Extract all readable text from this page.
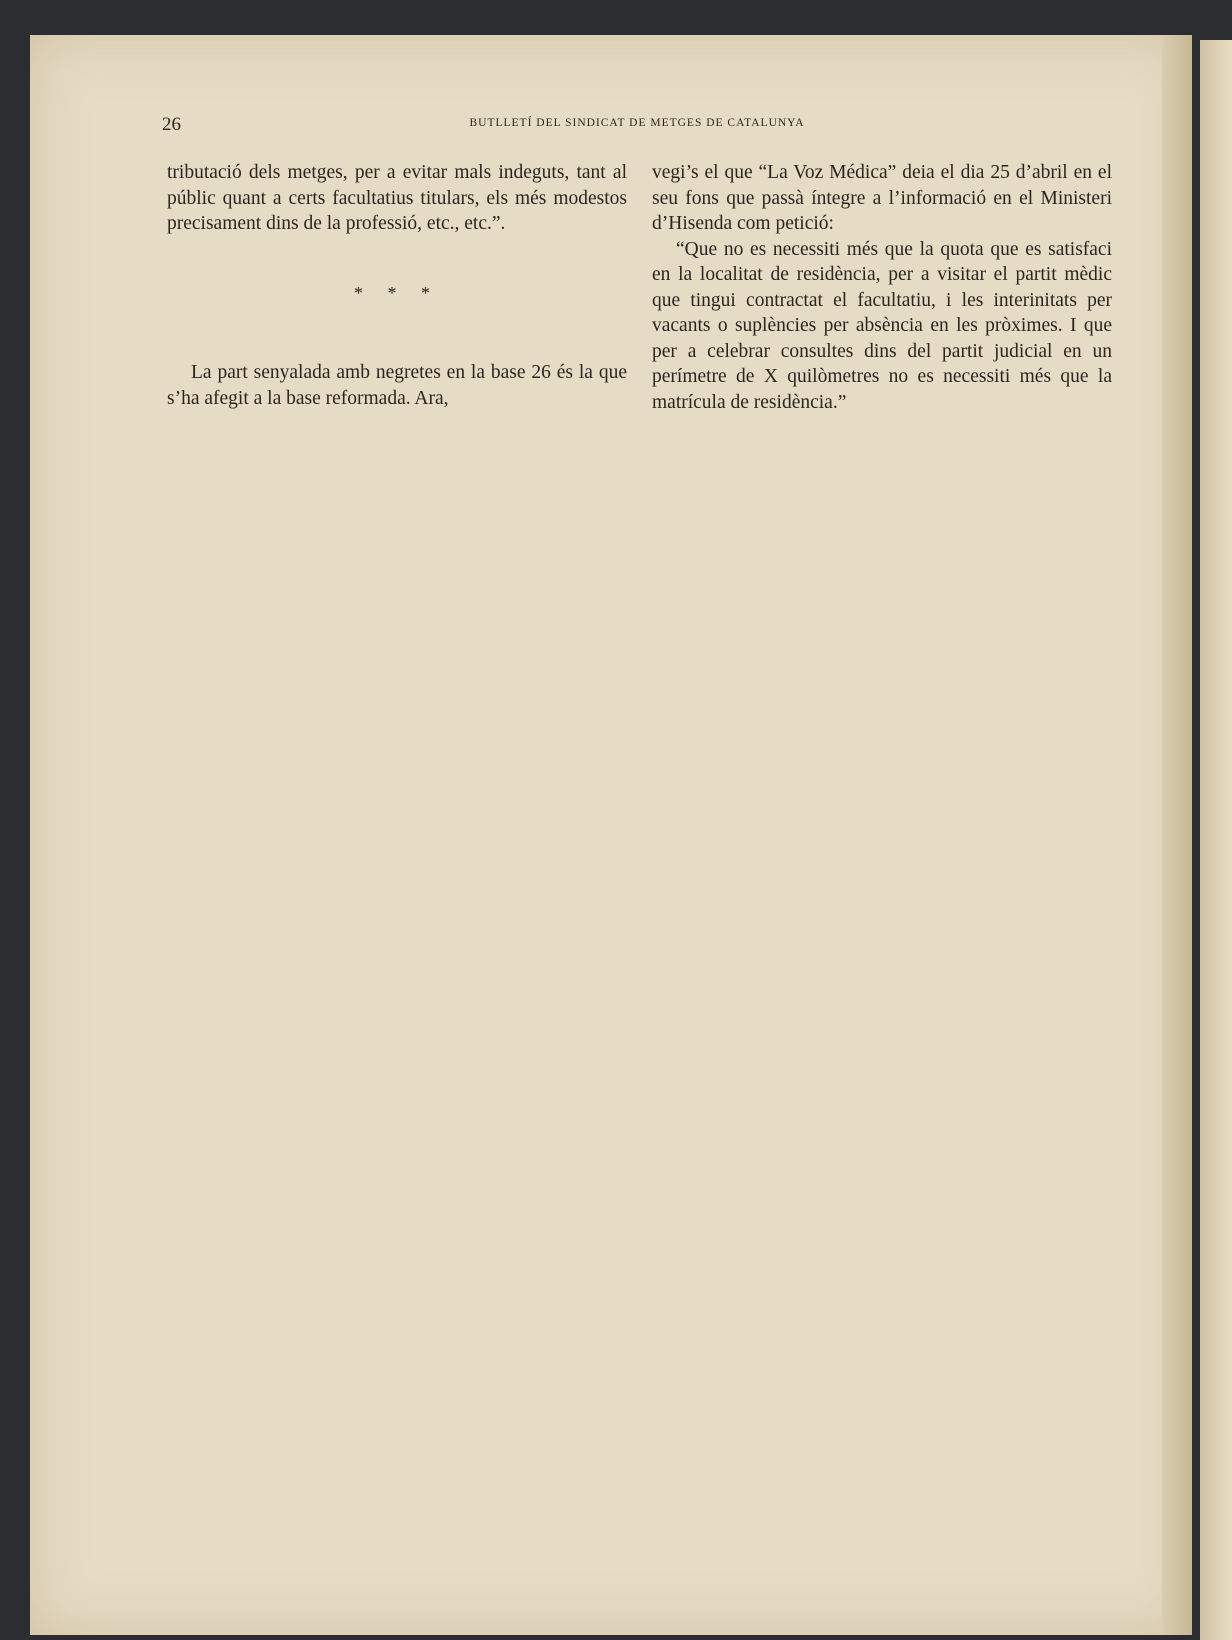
26	BUTLLETÍ DEL SINDICAT DE METGES DE CATALUNYA

tributació dels metges, per a evitar mals indeguts, tant al públic quant a certs facultatius titulars, els més modestos precisament dins de la professió, etc., etc.”.

* * *

La part senyalada amb negretes en la base 26 és la que s’ha afegit a la base reformada. Ara,

vegi’s el que “La Voz Médica” deia el dia 25 d’abril en el seu fons que passà íntegre a l’informació en el Ministeri d’Hisenda com petició:

“Que no es necessiti més que la quota que es satisfaci en la localitat de residència, per a visitar el partit mèdic que tingui contractat el facultatiu, i les interinitats per vacants o suplències per absència en les pròximes. I que per a celebrar consultes dins del partit judicial en un perímetre de X quilòmetres no es necessiti més que la matrícula de residència.”
